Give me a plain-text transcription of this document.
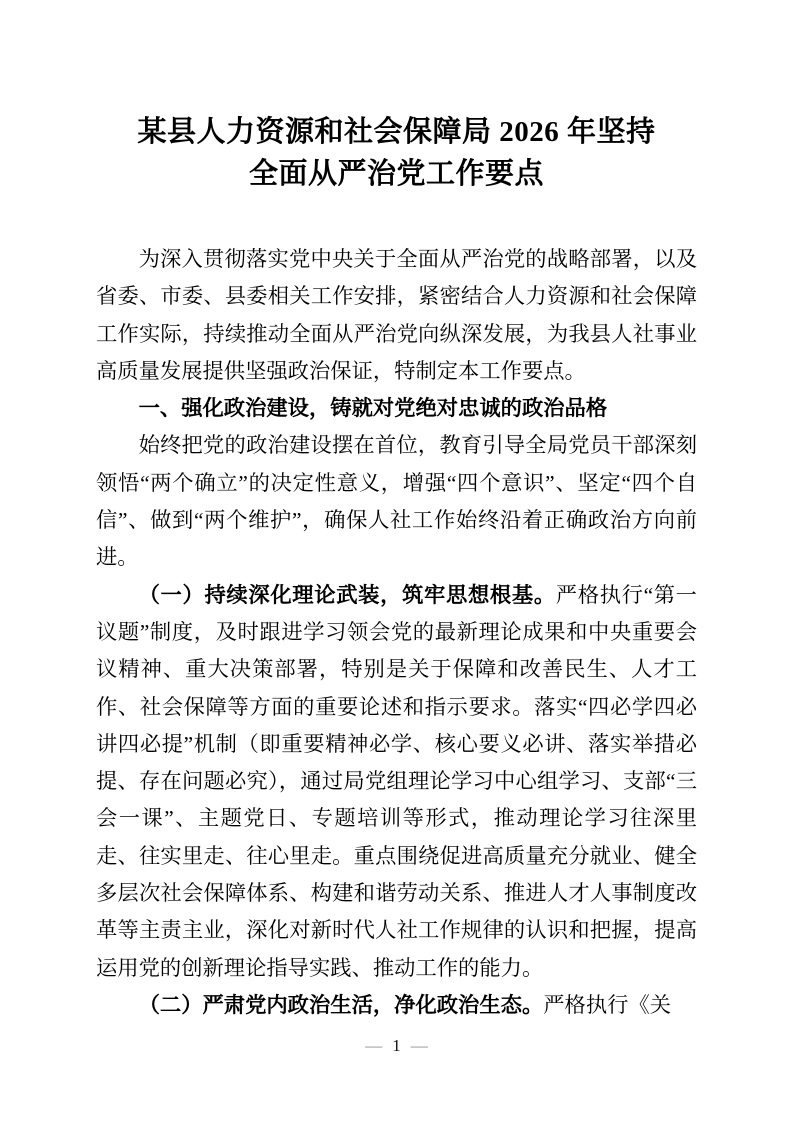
某县人力资源和社会保障局 2026 年坚持
全面从严治党工作要点

为深入贯彻落实党中央关于全面从严治党的战略部署，以及省委、市委、县委相关工作安排，紧密结合人力资源和社会保障工作实际，持续推动全面从严治党向纵深发展，为我县人社事业高质量发展提供坚强政治保证，特制定本工作要点。

一、强化政治建设，铸就对党绝对忠诚的政治品格

始终把党的政治建设摆在首位，教育引导全局党员干部深刻领悟“两个确立”的决定性意义，增强“四个意识”、坚定“四个自信”、做到“两个维护”，确保人社工作始终沿着正确政治方向前进。

（一）持续深化理论武装，筑牢思想根基。严格执行“第一议题”制度，及时跟进学习领会党的最新理论成果和中央重要会议精神、重大决策部署，特别是关于保障和改善民生、人才工作、社会保障等方面的重要论述和指示要求。落实“四必学四必讲四必提”机制（即重要精神必学、核心要义必讲、落实举措必提、存在问题必究），通过局党组理论学习中心组学习、支部“三会一课”、主题党日、专题培训等形式，推动理论学习往深里走、往实里走、往心里走。重点围绕促进高质量充分就业、健全多层次社会保障体系、构建和谐劳动关系、推进人才人事制度改革等主责主业，深化对新时代人社工作规律的认识和把握，提高运用党的创新理论指导实践、推动工作的能力。

（二）严肃党内政治生活，净化政治生态。严格执行《关

— 1 —
